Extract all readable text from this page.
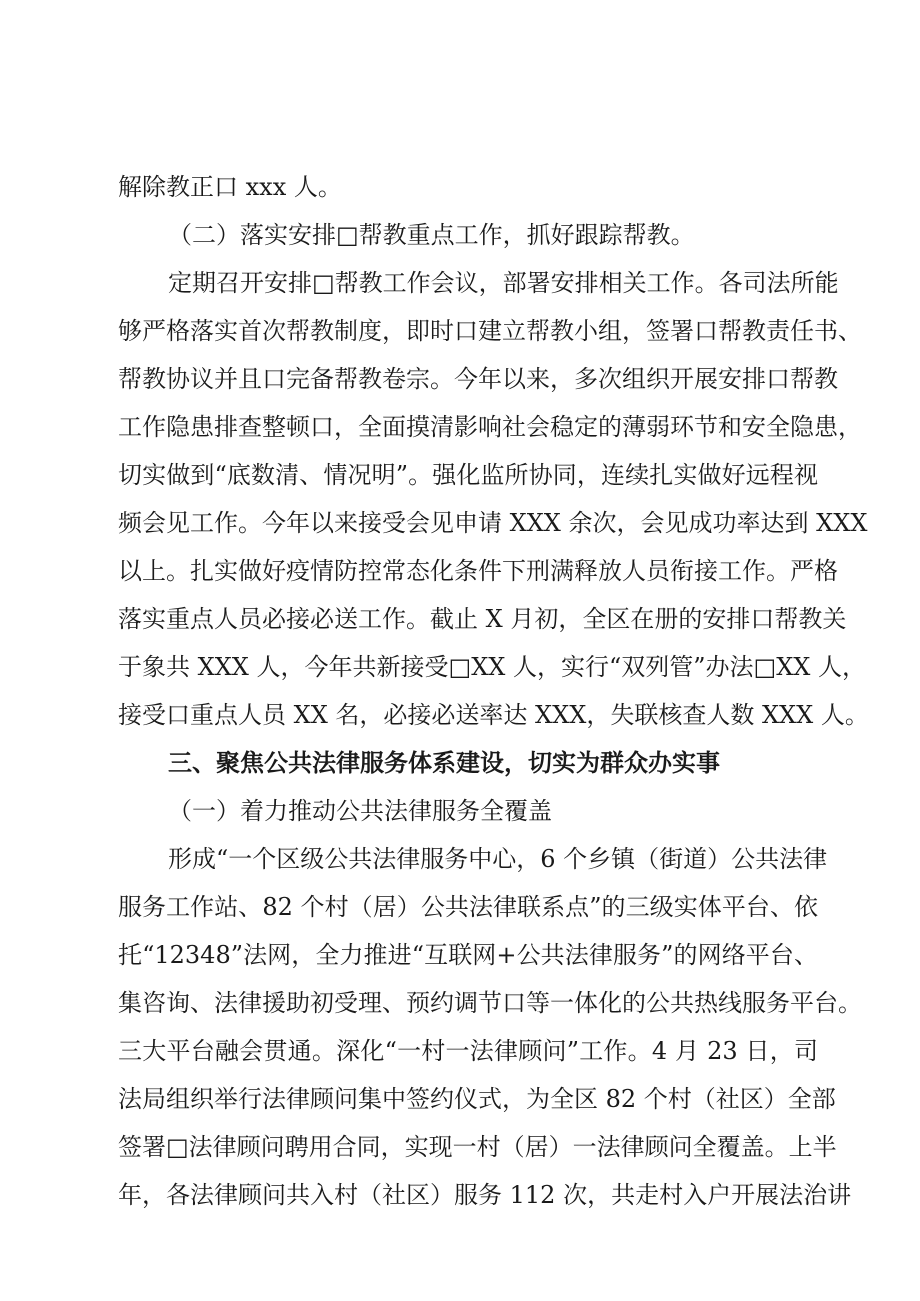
解除教正口 xxx 人。
（二）落实安排□帮教重点工作，抓好跟踪帮教。
定期召开安排□帮教工作会议，部署安排相关工作。各司法所能
够严格落实首次帮教制度，即时口建立帮教小组，签署口帮教责任书、
帮教协议并且口完备帮教卷宗。今年以来，多次组织开展安排口帮教
工作隐患排查整顿口，全面摸清影响社会稳定的薄弱环节和安全隐患，
切实做到“底数清、情况明”。强化监所协同，连续扎实做好远程视
频会见工作。今年以来接受会见申请 XXX 余次，会见成功率达到 XXX
以上。扎实做好疫情防控常态化条件下刑满释放人员衔接工作。严格
落实重点人员必接必送工作。截止 X 月初，全区在册的安排口帮教关
于象共 XXX 人，今年共新接受□XX 人，实行“双列管”办法□XX 人，
接受口重点人员 XX 名，必接必送率达 XXX，失联核查人数 XXX 人。
三、聚焦公共法律服务体系建设，切实为群众办实事
（一）着力推动公共法律服务全覆盖
形成“一个区级公共法律服务中心，6 个乡镇（街道）公共法律
服务工作站、82 个村（居）公共法律联系点”的三级实体平台、依
托“12348”法网，全力推进“互联网+公共法律服务”的网络平台、
集咨询、法律援助初受理、预约调节口等一体化的公共热线服务平台。
三大平台融会贯通。深化“一村一法律顾问”工作。4 月 23 日，司
法局组织举行法律顾问集中签约仪式，为全区 82 个村（社区）全部
签署□法律顾问聘用合同，实现一村（居）一法律顾问全覆盖。上半
年，各法律顾问共入村（社区）服务 112 次，共走村入户开展法治讲
